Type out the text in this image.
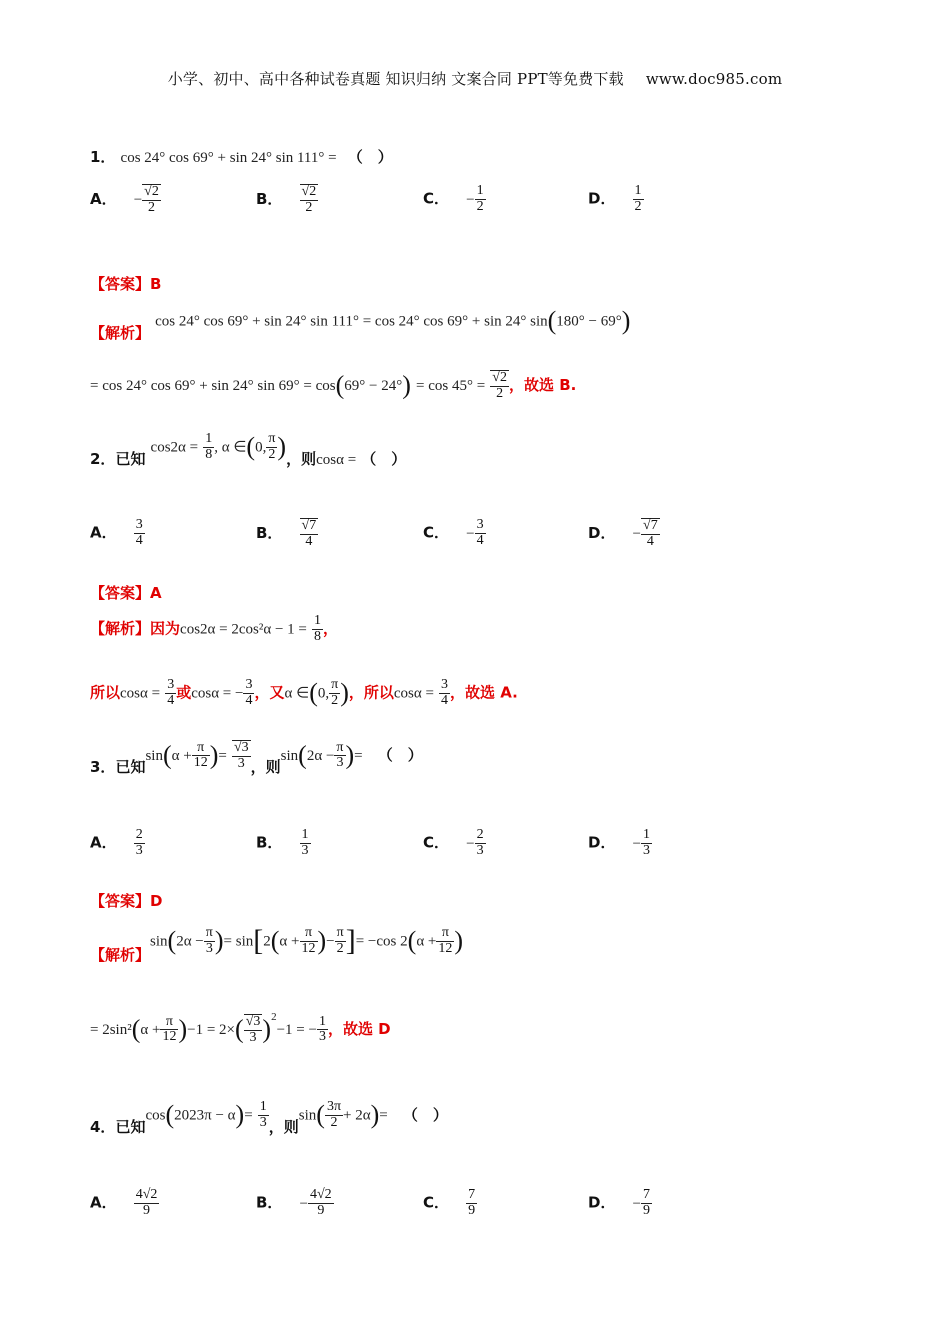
小学、初中、高中各种试卷真题 知识归纳 文案合同 PPT等免费下载 www.doc985.com
1． cos 24° cos 69° + sin 24° sin 111° = （　）
A． − $\frac{√2}{2}$	B． $\frac{√2}{2}$	C． − $\frac{1}{2}$	D． $\frac{1}{2}$
【答案】B
【解析】 cos 24° cos 69° + sin 24° sin 111° = cos 24° cos 69° + sin 24° sin(180° − 69°)
= cos 24° cos 69° + sin 24° $\sin 69^\circ = \cos(69^\circ - 24^\circ) = \cos 45^\circ = \frac{√2}{2}$ ，故选 B.
2．已知 $\cos 2\alpha = \frac{1}{8}$ , α ∈(0, $\frac{\pi}{2}$ )，则cosα = （　）
A． $\frac{3}{4}$	B． $\frac{√7}{4}$	C． − $\frac{3}{4}$	D． − $\frac{√7}{4}$
【答案】A
【解析】因为$\cos 2\alpha = 2\cos^2\alpha - 1 = \frac{1}{8}$ ，
所以$\cos\alpha = \frac{3}{4}$ 或cosα = − $\frac{3}{4}$ ，又α ∈(0, $\frac{\pi}{2}$ )，所以$\cos\alpha = \frac{3}{4}$ ，故选 A.
3．已知$\sin(\alpha + \frac{\pi}{12}$ )= $\frac{√3}{3}$ ，则$\sin(2\alpha - \frac{\pi}{3}$ )= （　）
A． $\frac{2}{3}$	B． $\frac{1}{3}$	C． − $\frac{2}{3}$	D． − $\frac{1}{3}$
【答案】D
【解析】$\sin(2\alpha - \frac{\pi}{3}$ )= $\sin[2(\alpha + \frac{\pi}{12}$ )− $\frac{\pi}{2}$ ]= −cos $2(\alpha + \frac{\pi}{12}$ )
= $2\sin^2(\alpha + \frac{\pi}{12} )-1 = 2\times( \frac{√3}{3} )^2-1$ = − $\frac{1}{3}$ ，故选 D
4．已知$\cos(2023\pi - \alpha)= \frac{1}{3}$ ，则$\sin( \frac{3\pi}{2} + 2\alpha)=$ （　）
A． $\frac{4√2}{9}$	B． − $\frac{4√2}{9}$	C． $\frac{7}{9}$	D． − $\frac{7}{9}$
